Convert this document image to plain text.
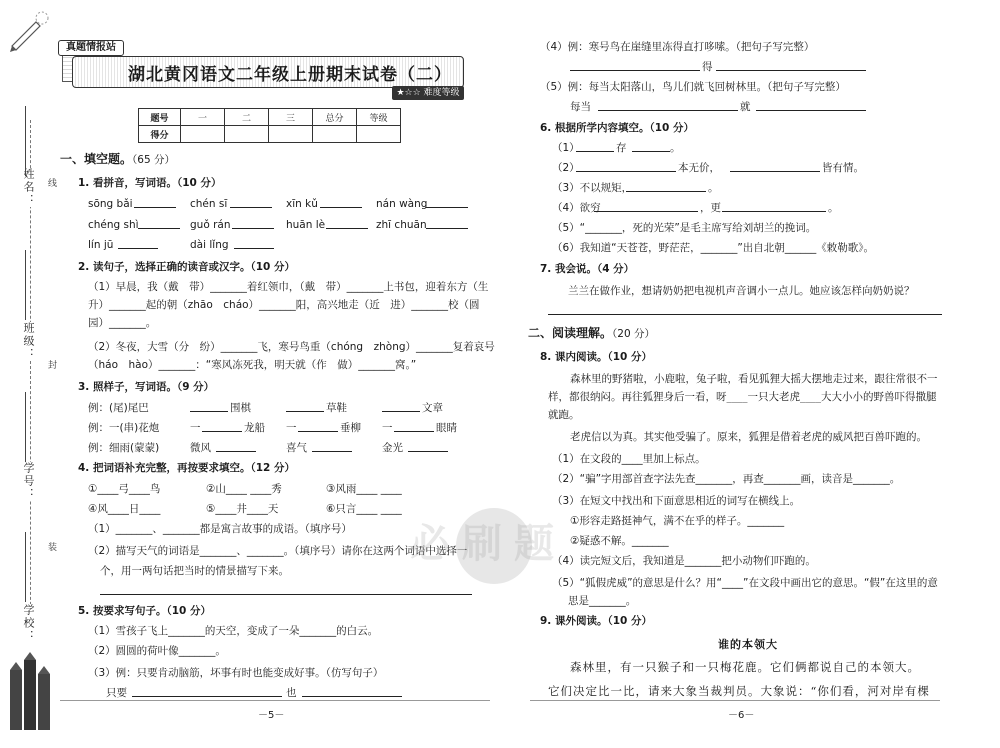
姓名： 线
班级：
封
学号：
装
学校：
真题情报站
湖北黄冈语文二年级上册期末试卷（二）
★☆☆ 难度等级
题号	一	二	三	总分	等级
得分					
一、填空题。（65 分）
1. 看拼音，写词语。（10 分）
sōng bǎi	chén sī	xīn kǔ	nán wàng
chéng shì	guǒ rán	huān lè	zhī chuān
lín jū	dài lǐng
2. 读句子，选择正确的读音或汉字。（10 分）
（1）早晨，我（戴　带）_______着红领巾，（戴　带）_______上书包，迎着东方（生
升）_______起的朝（zhāo　cháo）_______阳，高兴地走（近　进）_______校（圆
园）_______。
（2）冬夜，大雪（分　纷）_______飞，寒号鸟重（chóng　zhòng）_______复着哀号
（háo　hào）_______：“寒风冻死我，明天就（作　做）_______窝。”
3. 照样子，写词语。（9 分）
例：(尾)尾巴	围棋	草鞋	文章
例：一(串)花炮	一	龙船 一	垂柳 一	眼睛
例：细雨(蒙蒙)	微风	喜气	金光
4. 把词语补充完整，再按要求填空。（12 分）
①____弓____鸟	②山____ ____秀	③风雨____ ____
④风____日____	⑤____井____天	⑥只言____ ____
（1）_______、_______都是寓言故事的成语。（填序号）
（2）描写天气的词语是_______、_______。（填序号）请你在这两个词语中选择一
个，用一两句话把当时的情景描写下来。
必刷题
5. 按要求写句子。（10 分）
（1）雪孩子飞上_______的天空，变成了一朵_______的白云。
（2）圆圆的荷叶像_______。
（3）例：只要肯动脑筋，坏事有时也能变成好事。（仿写句子）
只要	也
－5－
（4）例：寒号鸟在崖缝里冻得直打哆嗦。（把句子写完整）
得
（5）例：每当太阳落山，鸟儿们就飞回树林里。（把句子写完整）
每当	就
6. 根据所学内容填空。（10 分）
（1）	存	。
（2）	本无价，	皆有情。
（3）不以规矩，	。
（4）欲穷	，更	。
（5）“_______，死的光荣”是毛主席写给刘胡兰的挽词。
（6）我知道“天苍苍，野茫茫，_______”出自北朝______《敕勒歌》。
7. 我会说。（4 分）
兰兰在做作业，想请奶奶把电视机声音调小一点儿。她应该怎样向奶奶说？
二、阅读理解。（20 分）
8. 课内阅读。（10 分）
森林里的野猪啦，小鹿啦，兔子啦，看见狐狸大摇大摆地走过来，跟往常很不一
样，都很纳闷。再往狐狸身后一看，呀____一只大老虎____大大小小的野兽吓得撒腿
就跑。
老虎信以为真。其实他受骗了。原来，狐狸是借着老虎的威风把百兽吓跑的。
（1）在文段的____里加上标点。
（2）“骗”字用部首查字法先查_______，再查_______画，读音是_______。
（3）在短文中找出和下面意思相近的词写在横线上。
①形容走路挺神气，满不在乎的样子。_______
②疑惑不解。_______
（4）读完短文后，我知道是_______把小动物们吓跑的。
（5）“狐假虎威”的意思是什么？用“____”在文段中画出它的意思。“假”在这里的意
思是_______。
9. 课外阅读。（10 分）
谁的本领大
森林里，有一只猴子和一只梅花鹿。它们俩都说自己的本领大。
它们决定比一比，请来大象当裁判员。大象说：“你们看，河对岸有棵
－6－
